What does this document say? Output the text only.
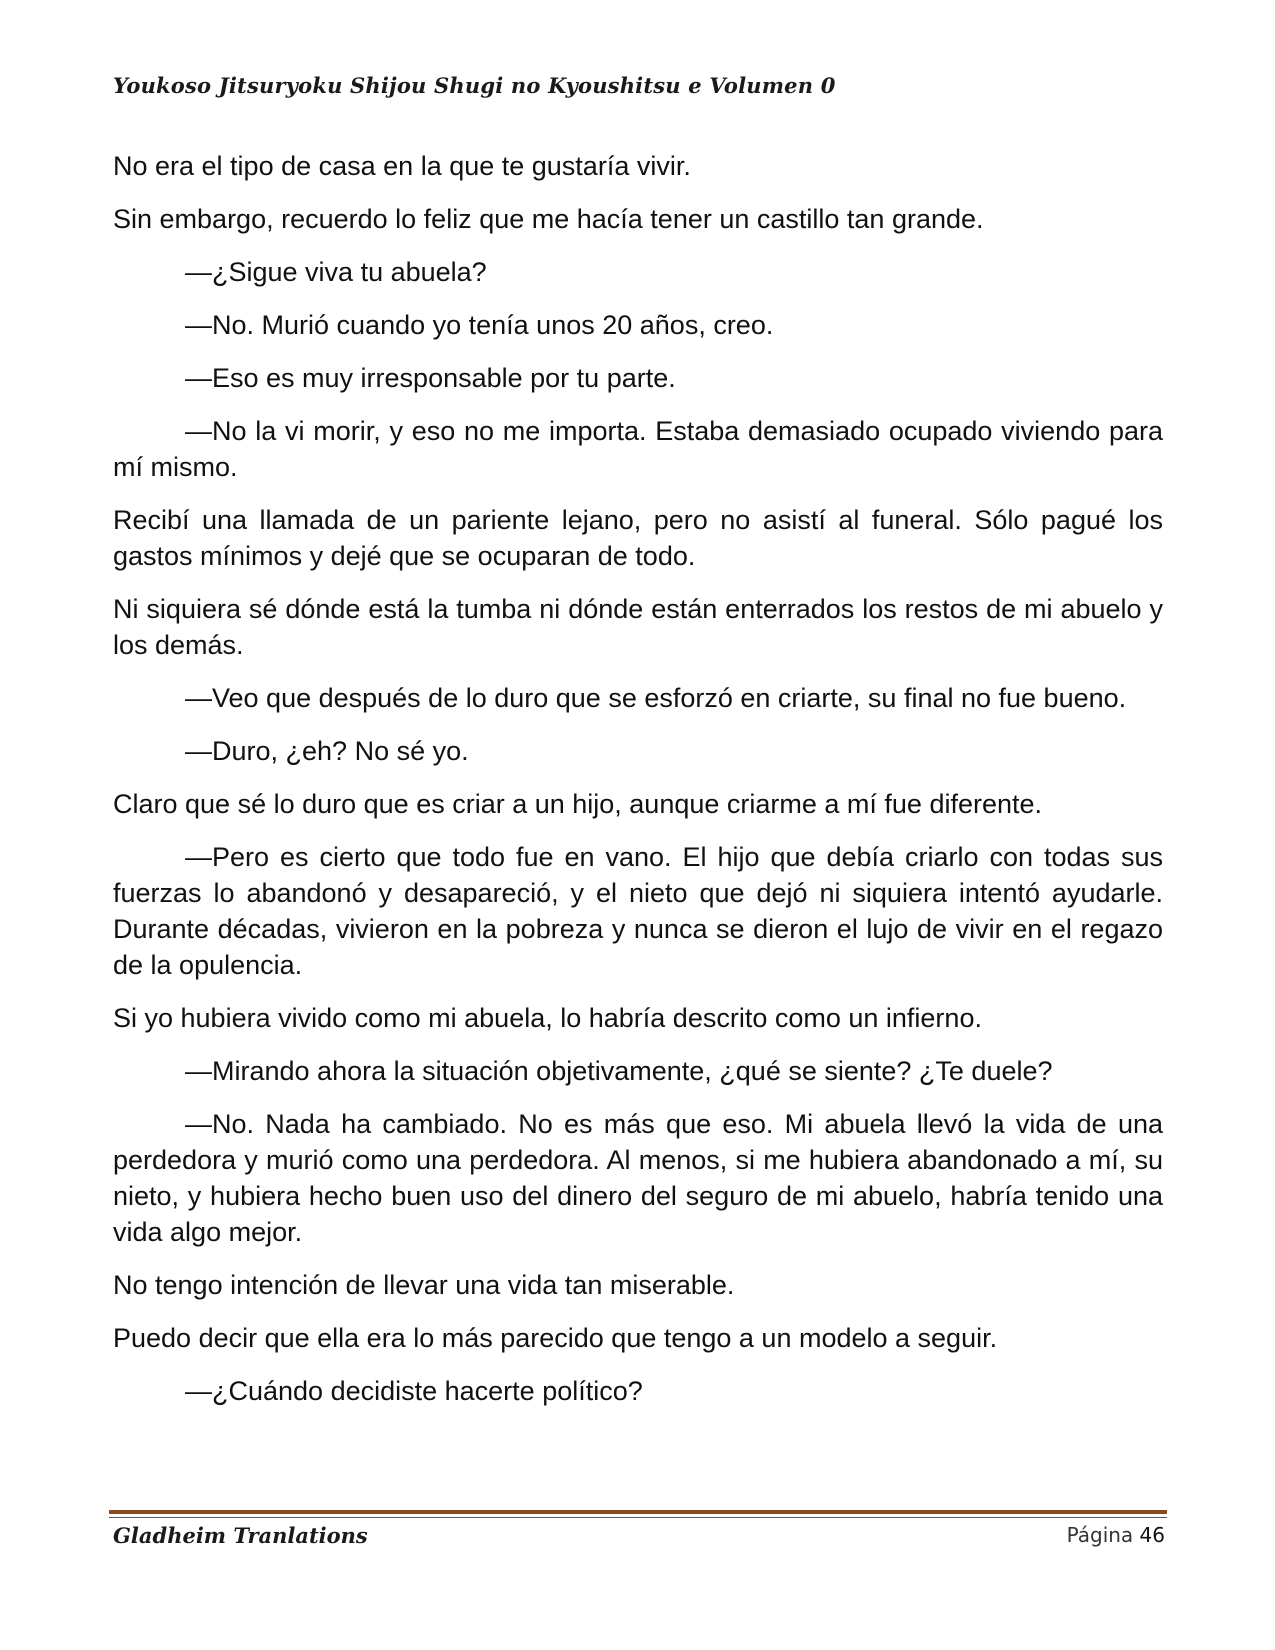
Youkoso Jitsuryoku Shijou Shugi no Kyoushitsu e Volumen 0

No era el tipo de casa en la que te gustaría vivir.

Sin embargo, recuerdo lo feliz que me hacía tener un castillo tan grande.

—¿Sigue viva tu abuela?

—No. Murió cuando yo tenía unos 20 años, creo.

—Eso es muy irresponsable por tu parte.

—No la vi morir, y eso no me importa. Estaba demasiado ocupado viviendo para mí mismo.

Recibí una llamada de un pariente lejano, pero no asistí al funeral. Sólo pagué los gastos mínimos y dejé que se ocuparan de todo.

Ni siquiera sé dónde está la tumba ni dónde están enterrados los restos de mi abuelo y los demás.

—Veo que después de lo duro que se esforzó en criarte, su final no fue bueno.

—Duro, ¿eh? No sé yo.

Claro que sé lo duro que es criar a un hijo, aunque criarme a mí fue diferente.

—Pero es cierto que todo fue en vano. El hijo que debía criarlo con todas sus fuerzas lo abandonó y desapareció, y el nieto que dejó ni siquiera intentó ayudarle. Durante décadas, vivieron en la pobreza y nunca se dieron el lujo de vivir en el regazo de la opulencia.

Si yo hubiera vivido como mi abuela, lo habría descrito como un infierno.

—Mirando ahora la situación objetivamente, ¿qué se siente? ¿Te duele?

—No. Nada ha cambiado. No es más que eso. Mi abuela llevó la vida de una perdedora y murió como una perdedora. Al menos, si me hubiera abandonado a mí, su nieto, y hubiera hecho buen uso del dinero del seguro de mi abuelo, habría tenido una vida algo mejor.

No tengo intención de llevar una vida tan miserable.

Puedo decir que ella era lo más parecido que tengo a un modelo a seguir.

—¿Cuándo decidiste hacerte político?

Gladheim Tranlations	Página 46
